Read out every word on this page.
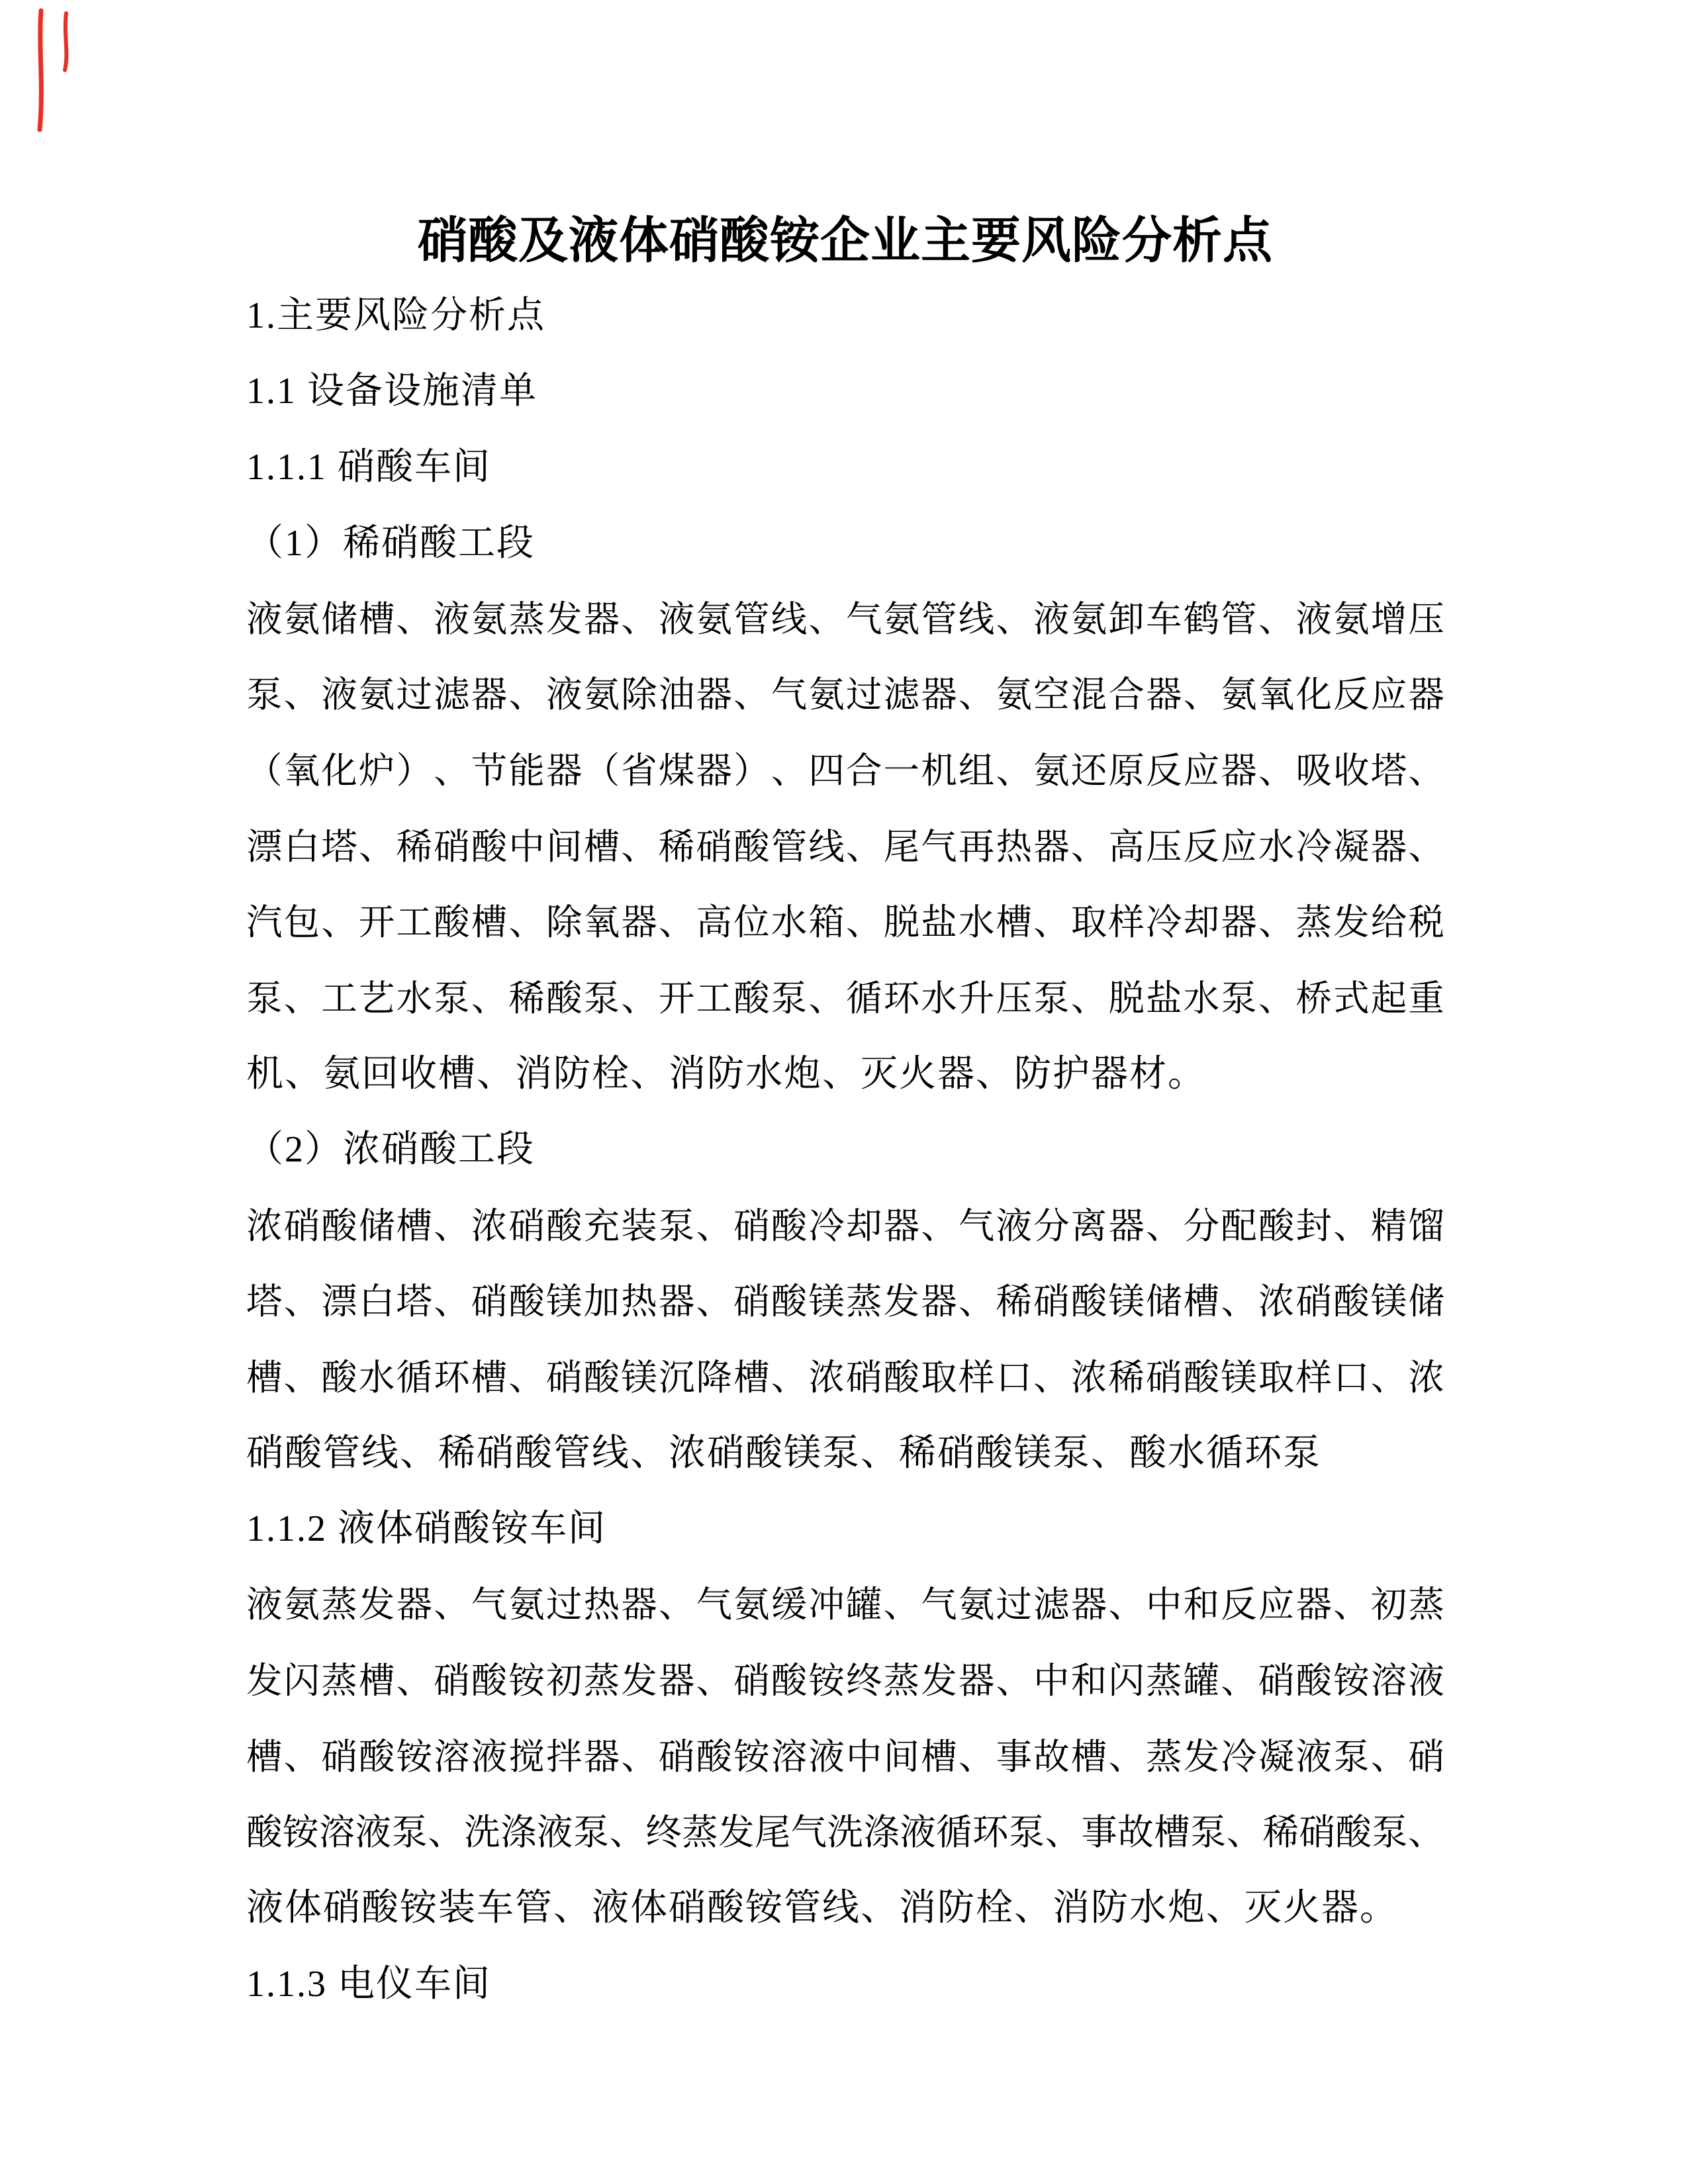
硝酸及液体硝酸铵企业主要风险分析点
1.主要风险分析点
1.1 设备设施清单
1.1.1 硝酸车间
（1）稀硝酸工段
液 氨 储 槽 、 液 氨 蒸 发 器 、 液 氨 管 线 、 气 氨 管 线 、 液 氨 卸 车 鹤 管 、 液 氨 增 压
泵 、 液 氨 过 滤 器 、 液 氨 除 油 器 、 气 氨 过 滤 器 、 氨 空 混 合 器 、 氨 氧 化 反 应 器
（ 氧 化 炉 ） 、 节 能 器 （ 省 煤 器 ） 、 四 合 一 机 组 、 氨 还 原 反 应 器 、 吸 收 塔 、
漂 白 塔 、 稀 硝 酸 中 间 槽 、 稀 硝 酸 管 线 、 尾 气 再 热 器 、 高 压 反 应 水 冷 凝 器 、
汽 包 、 开 工 酸 槽 、 除 氧 器 、 高 位 水 箱 、 脱 盐 水 槽 、 取 样 冷 却 器 、 蒸 发 给 税
泵 、 工 艺 水 泵 、 稀 酸 泵 、 开 工 酸 泵 、 循 环 水 升 压 泵 、 脱 盐 水 泵 、 桥 式 起 重
机、氨回收槽、消防栓、消防水炮、灭火器、防护器材。
（2）浓硝酸工段
浓 硝 酸 储 槽 、 浓 硝 酸 充 装 泵 、 硝 酸 冷 却 器 、 气 液 分 离 器 、 分 配 酸 封 、 精 馏
塔 、 漂 白 塔 、 硝 酸 镁 加 热 器 、 硝 酸 镁 蒸 发 器 、 稀 硝 酸 镁 储 槽 、 浓 硝 酸 镁 储
槽 、 酸 水 循 环 槽 、 硝 酸 镁 沉 降 槽 、 浓 硝 酸 取 样 口 、 浓 稀 硝 酸 镁 取 样 口 、 浓
硝酸管线、稀硝酸管线、浓硝酸镁泵、稀硝酸镁泵、酸水循环泵
1.1.2 液体硝酸铵车间
液 氨 蒸 发 器 、 气 氨 过 热 器 、 气 氨 缓 冲 罐 、 气 氨 过 滤 器 、 中 和 反 应 器 、 初 蒸
发 闪 蒸 槽 、 硝 酸 铵 初 蒸 发 器 、 硝 酸 铵 终 蒸 发 器 、 中 和 闪 蒸 罐 、 硝 酸 铵 溶 液
槽 、 硝 酸 铵 溶 液 搅 拌 器 、 硝 酸 铵 溶 液 中 间 槽 、 事 故 槽 、 蒸 发 冷 凝 液 泵 、 硝
酸 铵 溶 液 泵 、 洗 涤 液 泵 、 终 蒸 发 尾 气 洗 涤 液 循 环 泵 、 事 故 槽 泵 、 稀 硝 酸 泵 、
液体硝酸铵装车管、液体硝酸铵管线、消防栓、消防水炮、灭火器。
1.1.3 电仪车间
